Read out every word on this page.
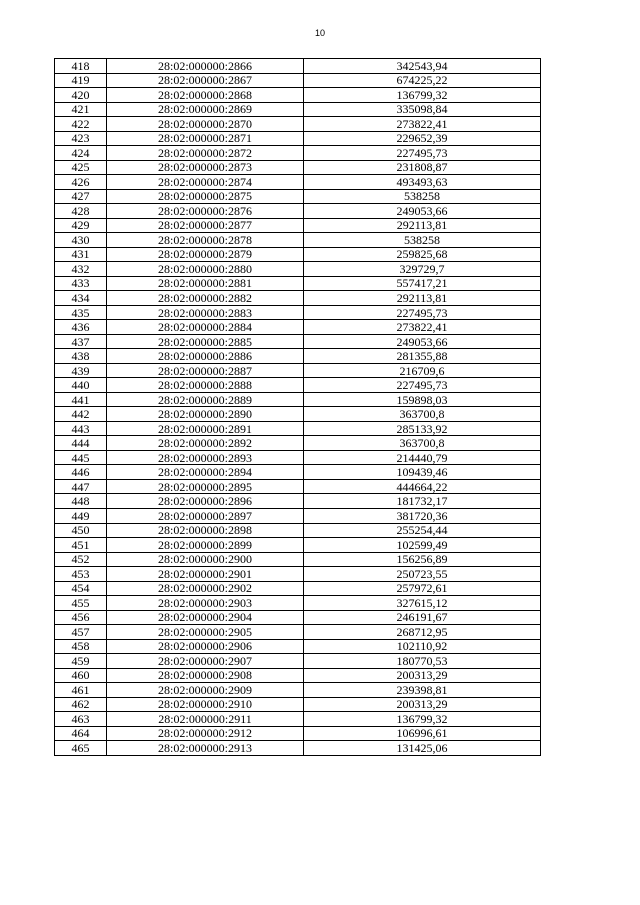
10
418	28:02:000000:2866	342543,94
419	28:02:000000:2867	674225,22
420	28:02:000000:2868	136799,32
421	28:02:000000:2869	335098,84
422	28:02:000000:2870	273822,41
423	28:02:000000:2871	229652,39
424	28:02:000000:2872	227495,73
425	28:02:000000:2873	231808,87
426	28:02:000000:2874	493493,63
427	28:02:000000:2875	538258
428	28:02:000000:2876	249053,66
429	28:02:000000:2877	292113,81
430	28:02:000000:2878	538258
431	28:02:000000:2879	259825,68
432	28:02:000000:2880	329729,7
433	28:02:000000:2881	557417,21
434	28:02:000000:2882	292113,81
435	28:02:000000:2883	227495,73
436	28:02:000000:2884	273822,41
437	28:02:000000:2885	249053,66
438	28:02:000000:2886	281355,88
439	28:02:000000:2887	216709,6
440	28:02:000000:2888	227495,73
441	28:02:000000:2889	159898,03
442	28:02:000000:2890	363700,8
443	28:02:000000:2891	285133,92
444	28:02:000000:2892	363700,8
445	28:02:000000:2893	214440,79
446	28:02:000000:2894	109439,46
447	28:02:000000:2895	444664,22
448	28:02:000000:2896	181732,17
449	28:02:000000:2897	381720,36
450	28:02:000000:2898	255254,44
451	28:02:000000:2899	102599,49
452	28:02:000000:2900	156256,89
453	28:02:000000:2901	250723,55
454	28:02:000000:2902	257972,61
455	28:02:000000:2903	327615,12
456	28:02:000000:2904	246191,67
457	28:02:000000:2905	268712,95
458	28:02:000000:2906	102110,92
459	28:02:000000:2907	180770,53
460	28:02:000000:2908	200313,29
461	28:02:000000:2909	239398,81
462	28:02:000000:2910	200313,29
463	28:02:000000:2911	136799,32
464	28:02:000000:2912	106996,61
465	28:02:000000:2913	131425,06
